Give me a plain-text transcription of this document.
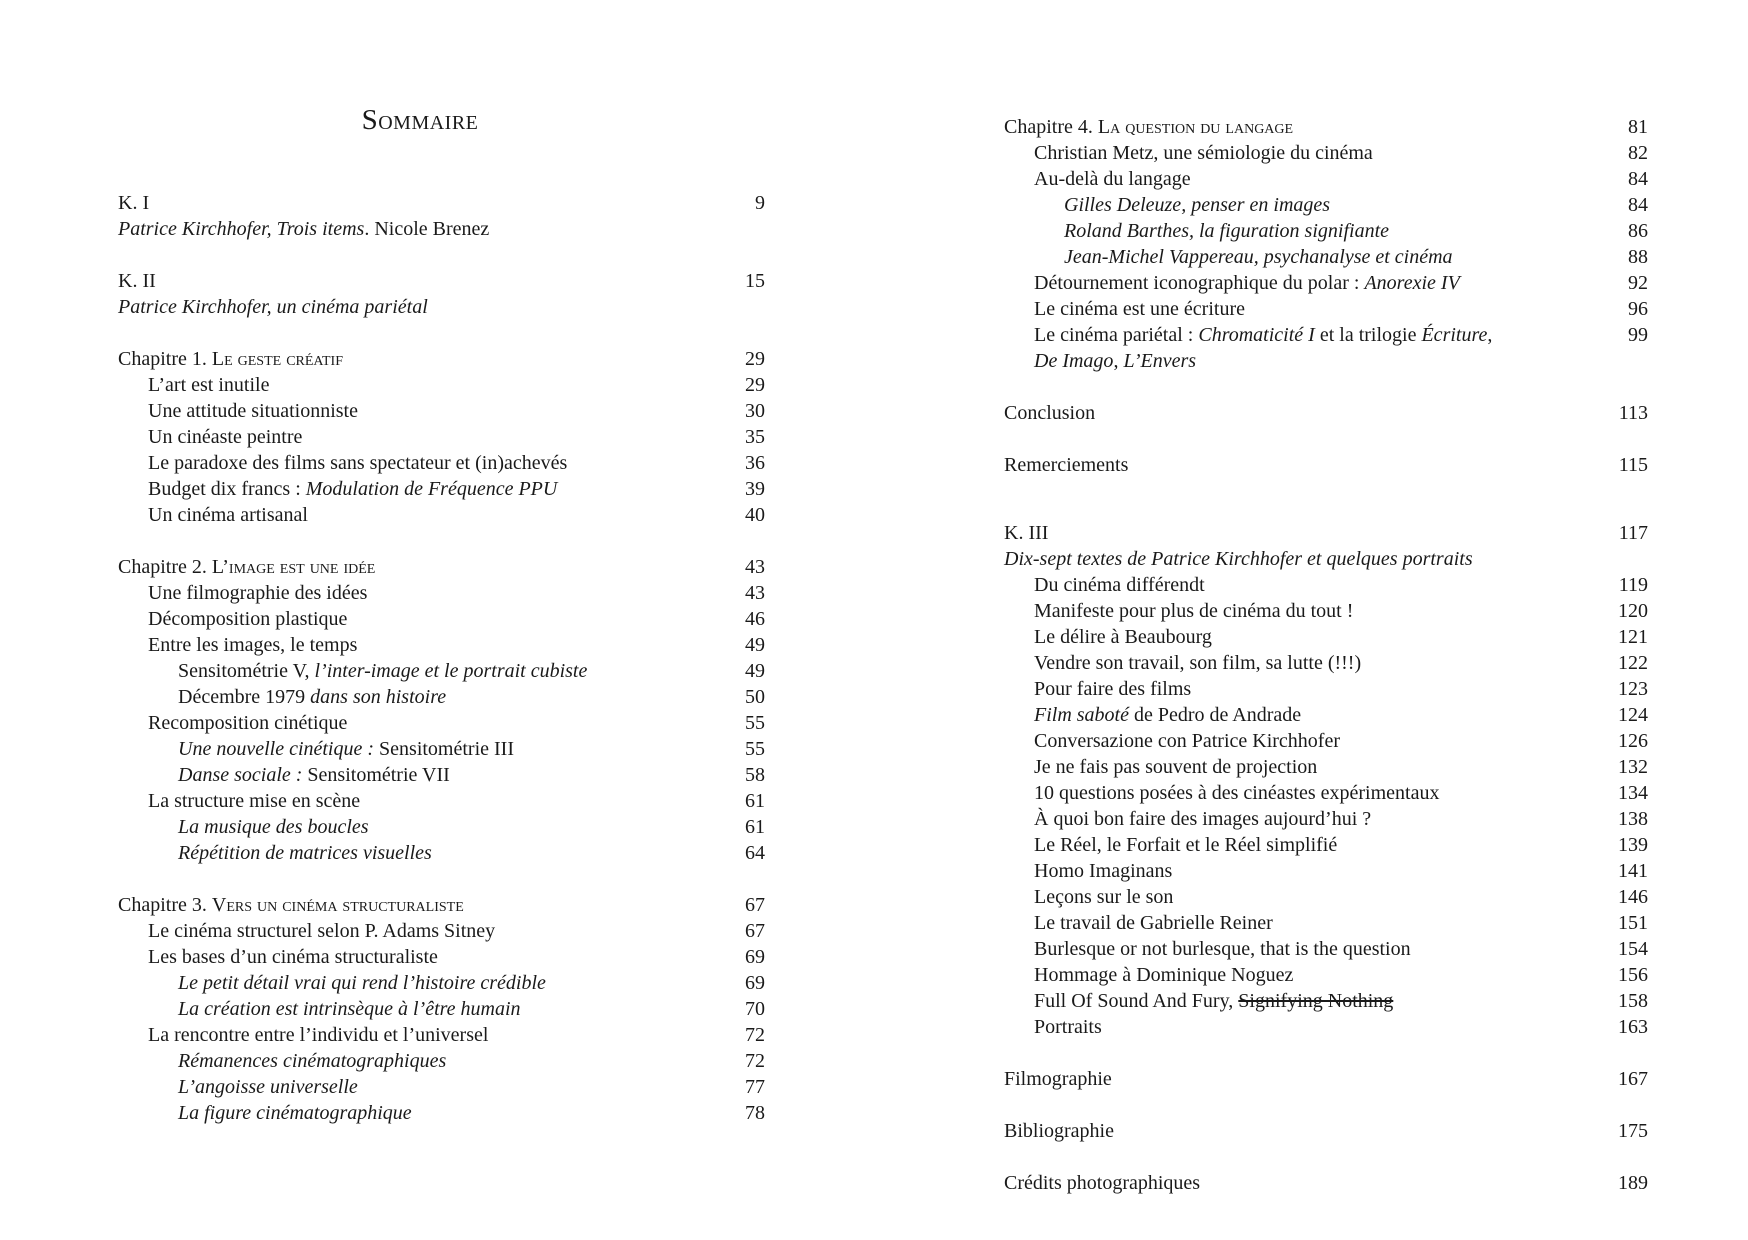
Sommaire
K. I	9
Patrice Kirchhofer, Trois items. Nicole Brenez
K. II	15
Patrice Kirchhofer, un cinéma pariétal
Chapitre 1. Le geste créatif	29
L’art est inutile	29
Une attitude situationniste	30
Un cinéaste peintre	35
Le paradoxe des films sans spectateur et (in)achevés	36
Budget dix francs : Modulation de Fréquence PPU	39
Un cinéma artisanal	40
Chapitre 2. L’image est une idée	43
Une filmographie des idées	43
Décomposition plastique	46
Entre les images, le temps	49
Sensitométrie V, l’inter-image et le portrait cubiste	49
Décembre 1979 dans son histoire	50
Recomposition cinétique	55
Une nouvelle cinétique : Sensitométrie III	55
Danse sociale : Sensitométrie VII	58
La structure mise en scène	61
La musique des boucles	61
Répétition de matrices visuelles	64
Chapitre 3. Vers un cinéma structuraliste	67
Le cinéma structurel selon P. Adams Sitney	67
Les bases d’un cinéma structuraliste	69
Le petit détail vrai qui rend l’histoire crédible	69
La création est intrinsèque à l’être humain	70
La rencontre entre l’individu et l’universel	72
Rémanences cinématographiques	72
L’angoisse universelle	77
La figure cinématographique	78
Chapitre 4. La question du langage	81
Christian Metz, une sémiologie du cinéma	82
Au-delà du langage	84
Gilles Deleuze, penser en images	84
Roland Barthes, la figuration signifiante	86
Jean-Michel Vappereau, psychanalyse et cinéma	88
Détournement iconographique du polar : Anorexie IV	92
Le cinéma est une écriture	96
Le cinéma pariétal : Chromaticité I et la trilogie Écriture,	99
De Imago, L’Envers
Conclusion	113
Remerciements	115
K. III	117
Dix-sept textes de Patrice Kirchhofer et quelques portraits
Du cinéma différendt	119
Manifeste pour plus de cinéma du tout !	120
Le délire à Beaubourg	121
Vendre son travail, son film, sa lutte (!!!)	122
Pour faire des films	123
Film saboté de Pedro de Andrade	124
Conversazione con Patrice Kirchhofer	126
Je ne fais pas souvent de projection	132
10 questions posées à des cinéastes expérimentaux	134
À quoi bon faire des images aujourd’hui ?	138
Le Réel, le Forfait et le Réel simplifié	139
Homo Imaginans	141
Leçons sur le son	146
Le travail de Gabrielle Reiner	151
Burlesque or not burlesque, that is the question	154
Hommage à Dominique Noguez	156
Full Of Sound And Fury, Signifying Nothing	158
Portraits	163
Filmographie	167
Bibliographie	175
Crédits photographiques	189
